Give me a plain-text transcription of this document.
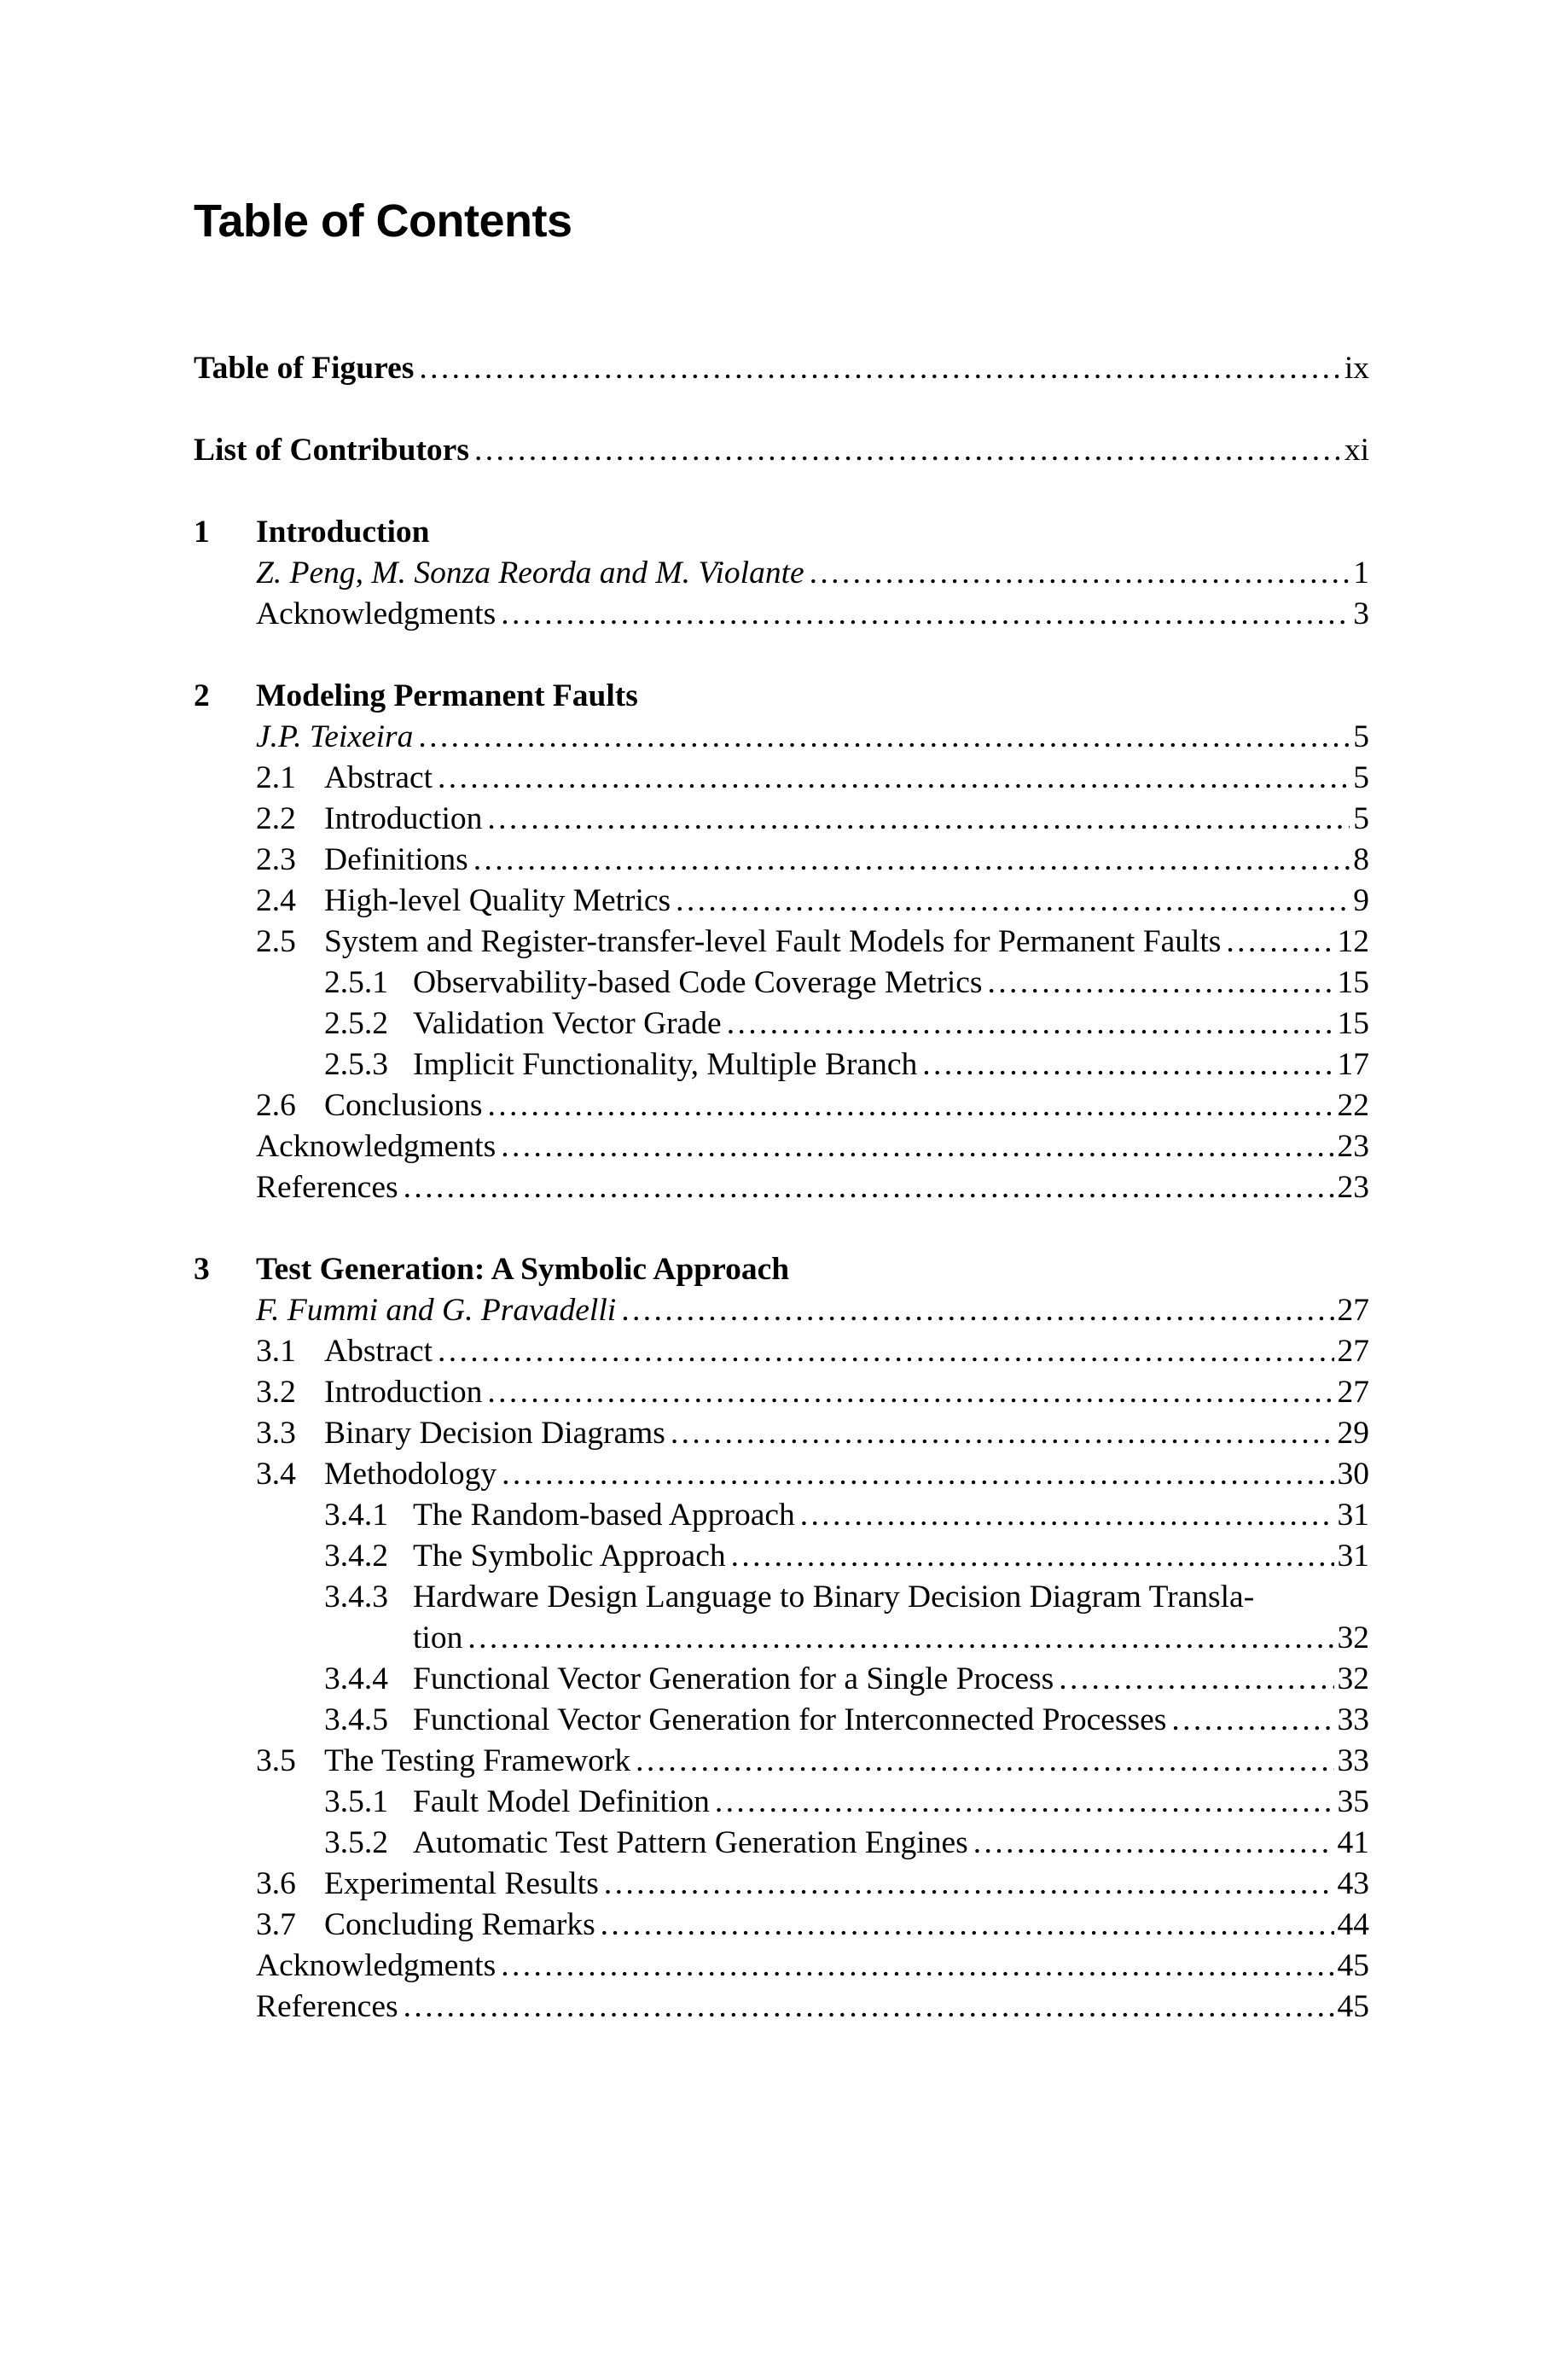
Table of Contents
Table of Figures . . .	ix
List of Contributors . . .	xi
1	Introduction
Z. Peng, M. Sonza Reorda and M. Violante . . .	1
Acknowledgments . . .	3
2	Modeling Permanent Faults
J.P. Teixeira . . .	5
2.1 Abstract . . .	5
2.2 Introduction . . .	5
2.3 Definitions . . .	8
2.4 High-level Quality Metrics . . .	9
2.5 System and Register-transfer-level Fault Models for Permanent Faults . . .	12
2.5.1 Observability-based Code Coverage Metrics . . .	15
2.5.2 Validation Vector Grade . . .	15
2.5.3 Implicit Functionality, Multiple Branch . . .	17
2.6 Conclusions . . .	22
Acknowledgments . . .	23
References . . .	23
3	Test Generation: A Symbolic Approach
F. Fummi and G. Pravadelli . . .	27
3.1 Abstract . . .	27
3.2 Introduction . . .	27
3.3 Binary Decision Diagrams . . .	29
3.4 Methodology . . .	30
3.4.1 The Random-based Approach . . .	31
3.4.2 The Symbolic Approach . . .	31
3.4.3 Hardware Design Language to Binary Decision Diagram Transla-
tion . . .	32
3.4.4 Functional Vector Generation for a Single Process . . .	32
3.4.5 Functional Vector Generation for Interconnected Processes . . .	33
3.5 The Testing Framework . . .	33
3.5.1 Fault Model Definition . . .	35
3.5.2 Automatic Test Pattern Generation Engines . . .	41
3.6 Experimental Results . . .	43
3.7 Concluding Remarks . . .	44
Acknowledgments . . .	45
References . . .	45
